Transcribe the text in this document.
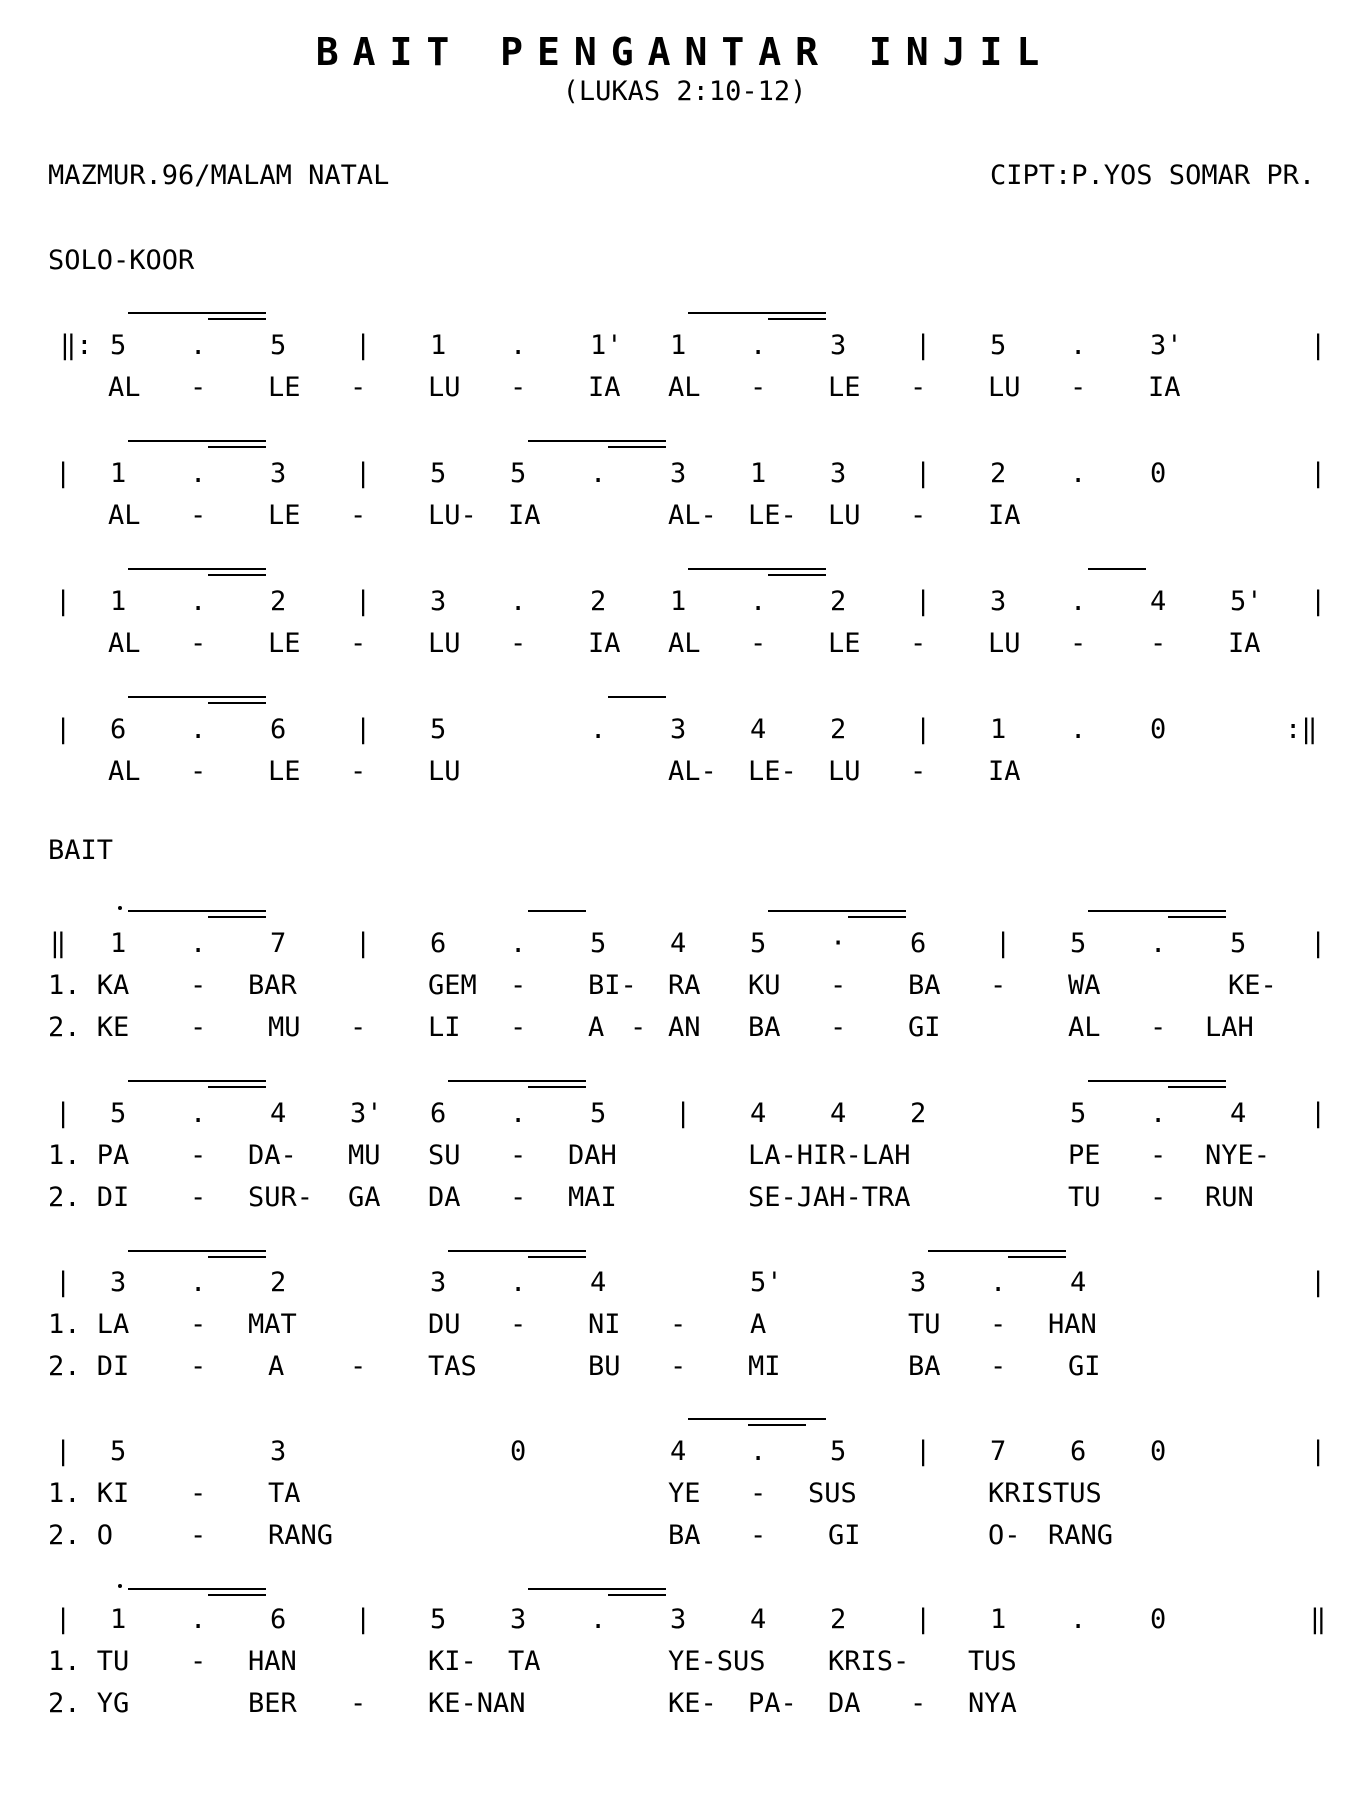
BAIT PENGANTAR INJIL
(LUKAS 2:10-12)
MAZMUR.96/MALAM NATAL	CIPT:P.YOS SOMAR PR.
SOLO-KOOR
‖: 5 . 5	| 1 . 1' 1 . 3	| 5 . 3'	|
AL - LE - LU - IA AL - LE - LU - IA
| 1 . 3	| 5 5 . 3 1 3	| 2 . 0	|
AL - LE - LU- IA	AL- LE- LU - IA
| 1 . 2	| 3 . 2 1 . 2	| 3 . 4 5' |
AL - LE - LU - IA AL - LE - LU - - IA
| 6 . 6	| 5	. 3 4 2	| 1 . 0	:‖
AL - LE - LU	AL- LE- LU - IA
BAIT
‖ 1 . 7	| 6 . 5 4 5 · 6	| 5 . 5 |
1. KA - BAR	GEM - BI- RA KU - BA - WA	KE-
2. KE - MU - LI - A - AN BA - GI	AL - LAH
| 5 . 4 3' 6 . 5	| 4 4 2	5 . 4 |
1. PA - DA- MU SU - DAH	LA-HIR-LAH	PE - NYE-
2. DI - SUR- GA DA - MAI	SE-JAH-TRA	TU - RUN
| 3 . 2	3 . 4	5'	3 . 4	|
1. LA - MAT	DU - NI - A	TU - HAN
2. DI - A - TAS	BU - MI	BA - GI
| 5	3	0	4 . 5	| 7 6 0	|
1. KI - TA	YE - SUS	KRISTUS
2. O	- RANG	BA - GI	O- RANG
| 1 . 6	| 5 3 . 3 4 2	| 1 . 0	‖
1. TU - HAN	KI- TA	YE-SUS KRIS- TUS
2. YG	BER - KE-NAN	KE- PA- DA - NYA
